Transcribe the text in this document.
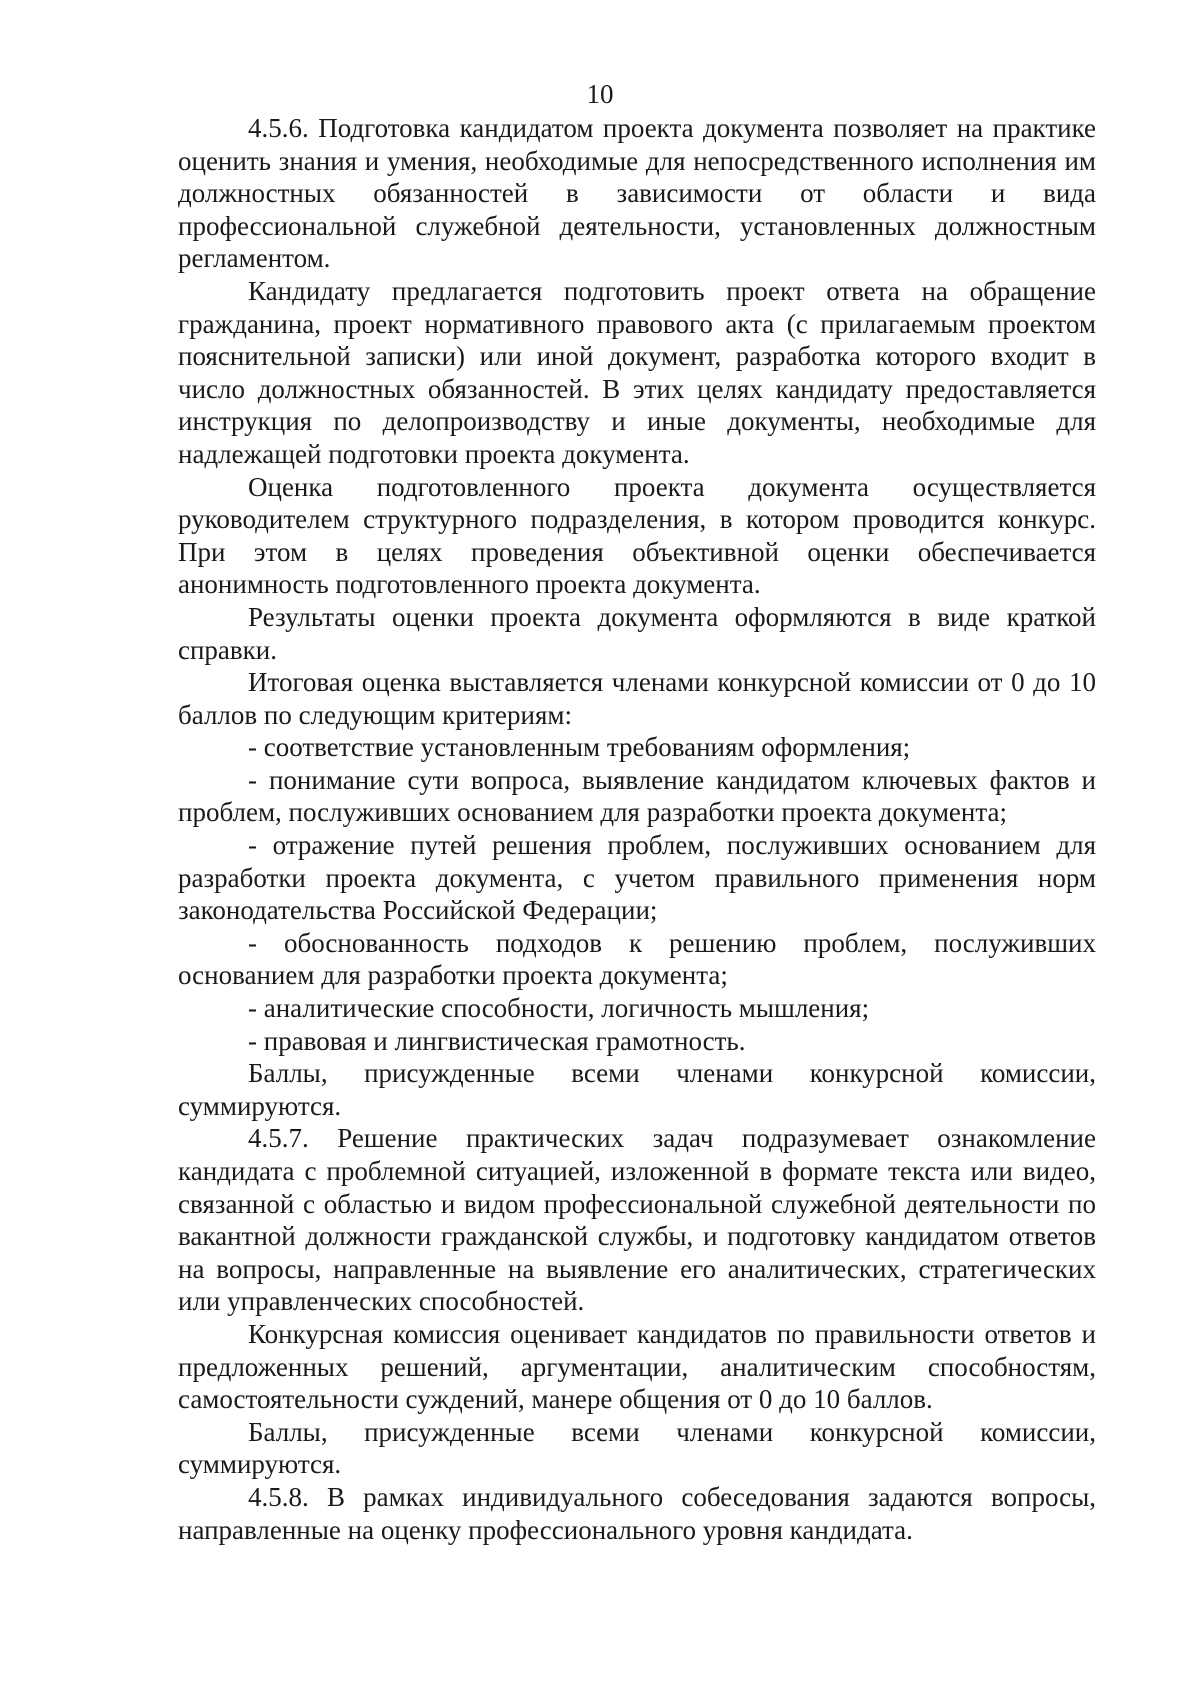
10

4.5.6. Подготовка кандидатом проекта документа позволяет на практике оценить знания и умения, необходимые для непосредственного исполнения им должностных обязанностей в зависимости от области и вида профессиональной служебной деятельности, установленных должностным регламентом.

Кандидату предлагается подготовить проект ответа на обращение гражданина, проект нормативного правового акта (с прилагаемым проектом пояснительной записки) или иной документ, разработка которого входит в число должностных обязанностей. В этих целях кандидату предоставляется инструкция по делопроизводству и иные документы, необходимые для надлежащей подготовки проекта документа.

Оценка подготовленного проекта документа осуществляется руководителем структурного подразделения, в котором проводится конкурс. При этом в целях проведения объективной оценки обеспечивается анонимность подготовленного проекта документа.

Результаты оценки проекта документа оформляются в виде краткой справки.

Итоговая оценка выставляется членами конкурсной комиссии от 0 до 10 баллов по следующим критериям:

- соответствие установленным требованиям оформления;

- понимание сути вопроса, выявление кандидатом ключевых фактов и проблем, послуживших основанием для разработки проекта документа;

- отражение путей решения проблем, послуживших основанием для разработки проекта документа, с учетом правильного применения норм законодательства Российской Федерации;

- обоснованность подходов к решению проблем, послуживших основанием для разработки проекта документа;

- аналитические способности, логичность мышления;

- правовая и лингвистическая грамотность.

Баллы, присужденные всеми членами конкурсной комиссии, суммируются.

4.5.7. Решение практических задач подразумевает ознакомление кандидата с проблемной ситуацией, изложенной в формате текста или видео, связанной с областью и видом профессиональной служебной деятельности по вакантной должности гражданской службы, и подготовку кандидатом ответов на вопросы, направленные на выявление его аналитических, стратегических или управленческих способностей.

Конкурсная комиссия оценивает кандидатов по правильности ответов и предложенных решений, аргументации, аналитическим способностям, самостоятельности суждений, манере общения от 0 до 10 баллов.

Баллы, присужденные всеми членами конкурсной комиссии, суммируются.

4.5.8. В рамках индивидуального собеседования задаются вопросы, направленные на оценку профессионального уровня кандидата.
